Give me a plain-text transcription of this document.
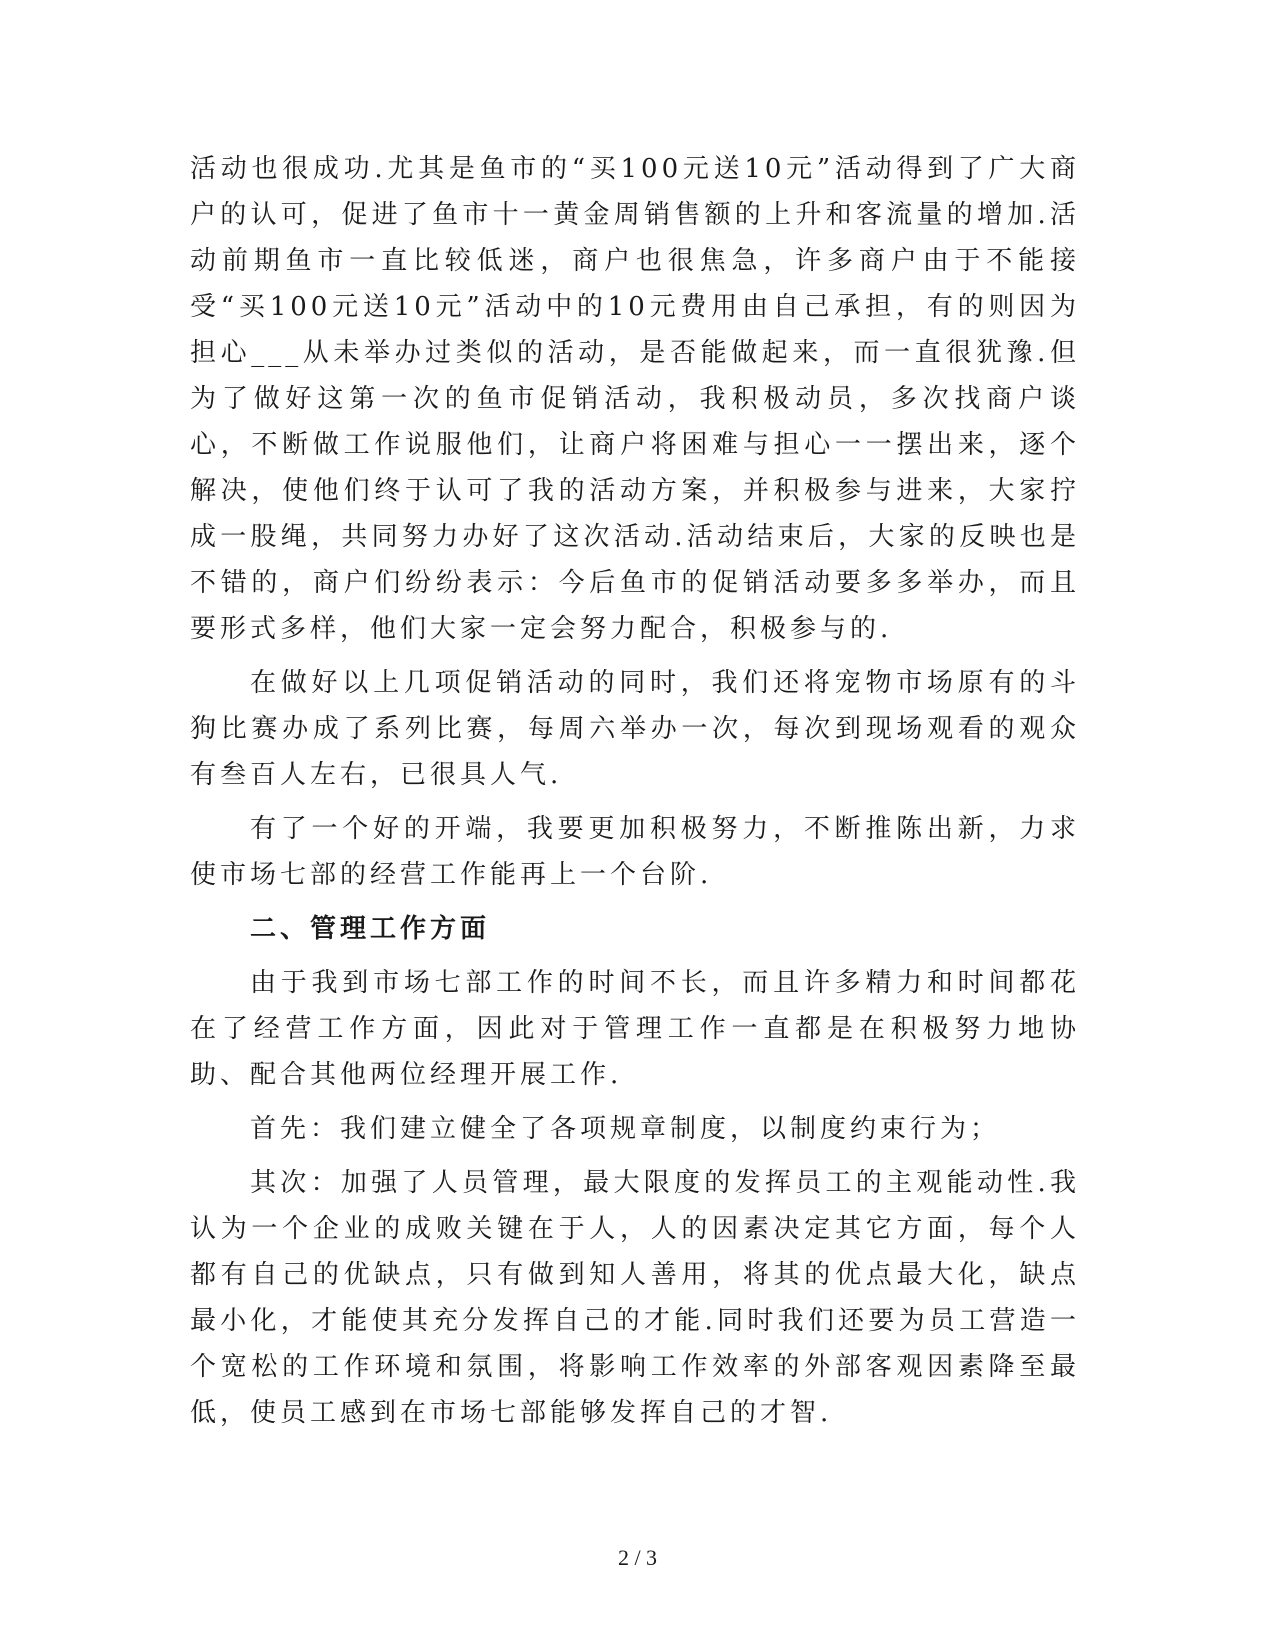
活动也很成功.尤其是鱼市的“买100元送10元”活动得到了广大商户的认可，促进了鱼市十一黄金周销售额的上升和客流量的增加.活动前期鱼市一直比较低迷，商户也很焦急，许多商户由于不能接受“买100元送10元”活动中的10元费用由自己承担，有的则因为担心___从未举办过类似的活动，是否能做起来，而一直很犹豫.但为了做好这第一次的鱼市促销活动，我积极动员，多次找商户谈心，不断做工作说服他们，让商户将困难与担心一一摆出来，逐个解决，使他们终于认可了我的活动方案，并积极参与进来，大家拧成一股绳，共同努力办好了这次活动.活动结束后，大家的反映也是不错的，商户们纷纷表示：今后鱼市的促销活动要多多举办，而且要形式多样，他们大家一定会努力配合，积极参与的.

在做好以上几项促销活动的同时，我们还将宠物市场原有的斗狗比赛办成了系列比赛，每周六举办一次，每次到现场观看的观众有叁百人左右，已很具人气.

有了一个好的开端，我要更加积极努力，不断推陈出新，力求使市场七部的经营工作能再上一个台阶.

二、管理工作方面

由于我到市场七部工作的时间不长，而且许多精力和时间都花在了经营工作方面，因此对于管理工作一直都是在积极努力地协助、配合其他两位经理开展工作.

首先：我们建立健全了各项规章制度，以制度约束行为；

其次：加强了人员管理，最大限度的发挥员工的主观能动性.我认为一个企业的成败关键在于人，人的因素决定其它方面，每个人都有自己的优缺点，只有做到知人善用，将其的优点最大化，缺点最小化，才能使其充分发挥自己的才能.同时我们还要为员工营造一个宽松的工作环境和氛围，将影响工作效率的外部客观因素降至最低，使员工感到在市场七部能够发挥自己的才智.

2 / 3
